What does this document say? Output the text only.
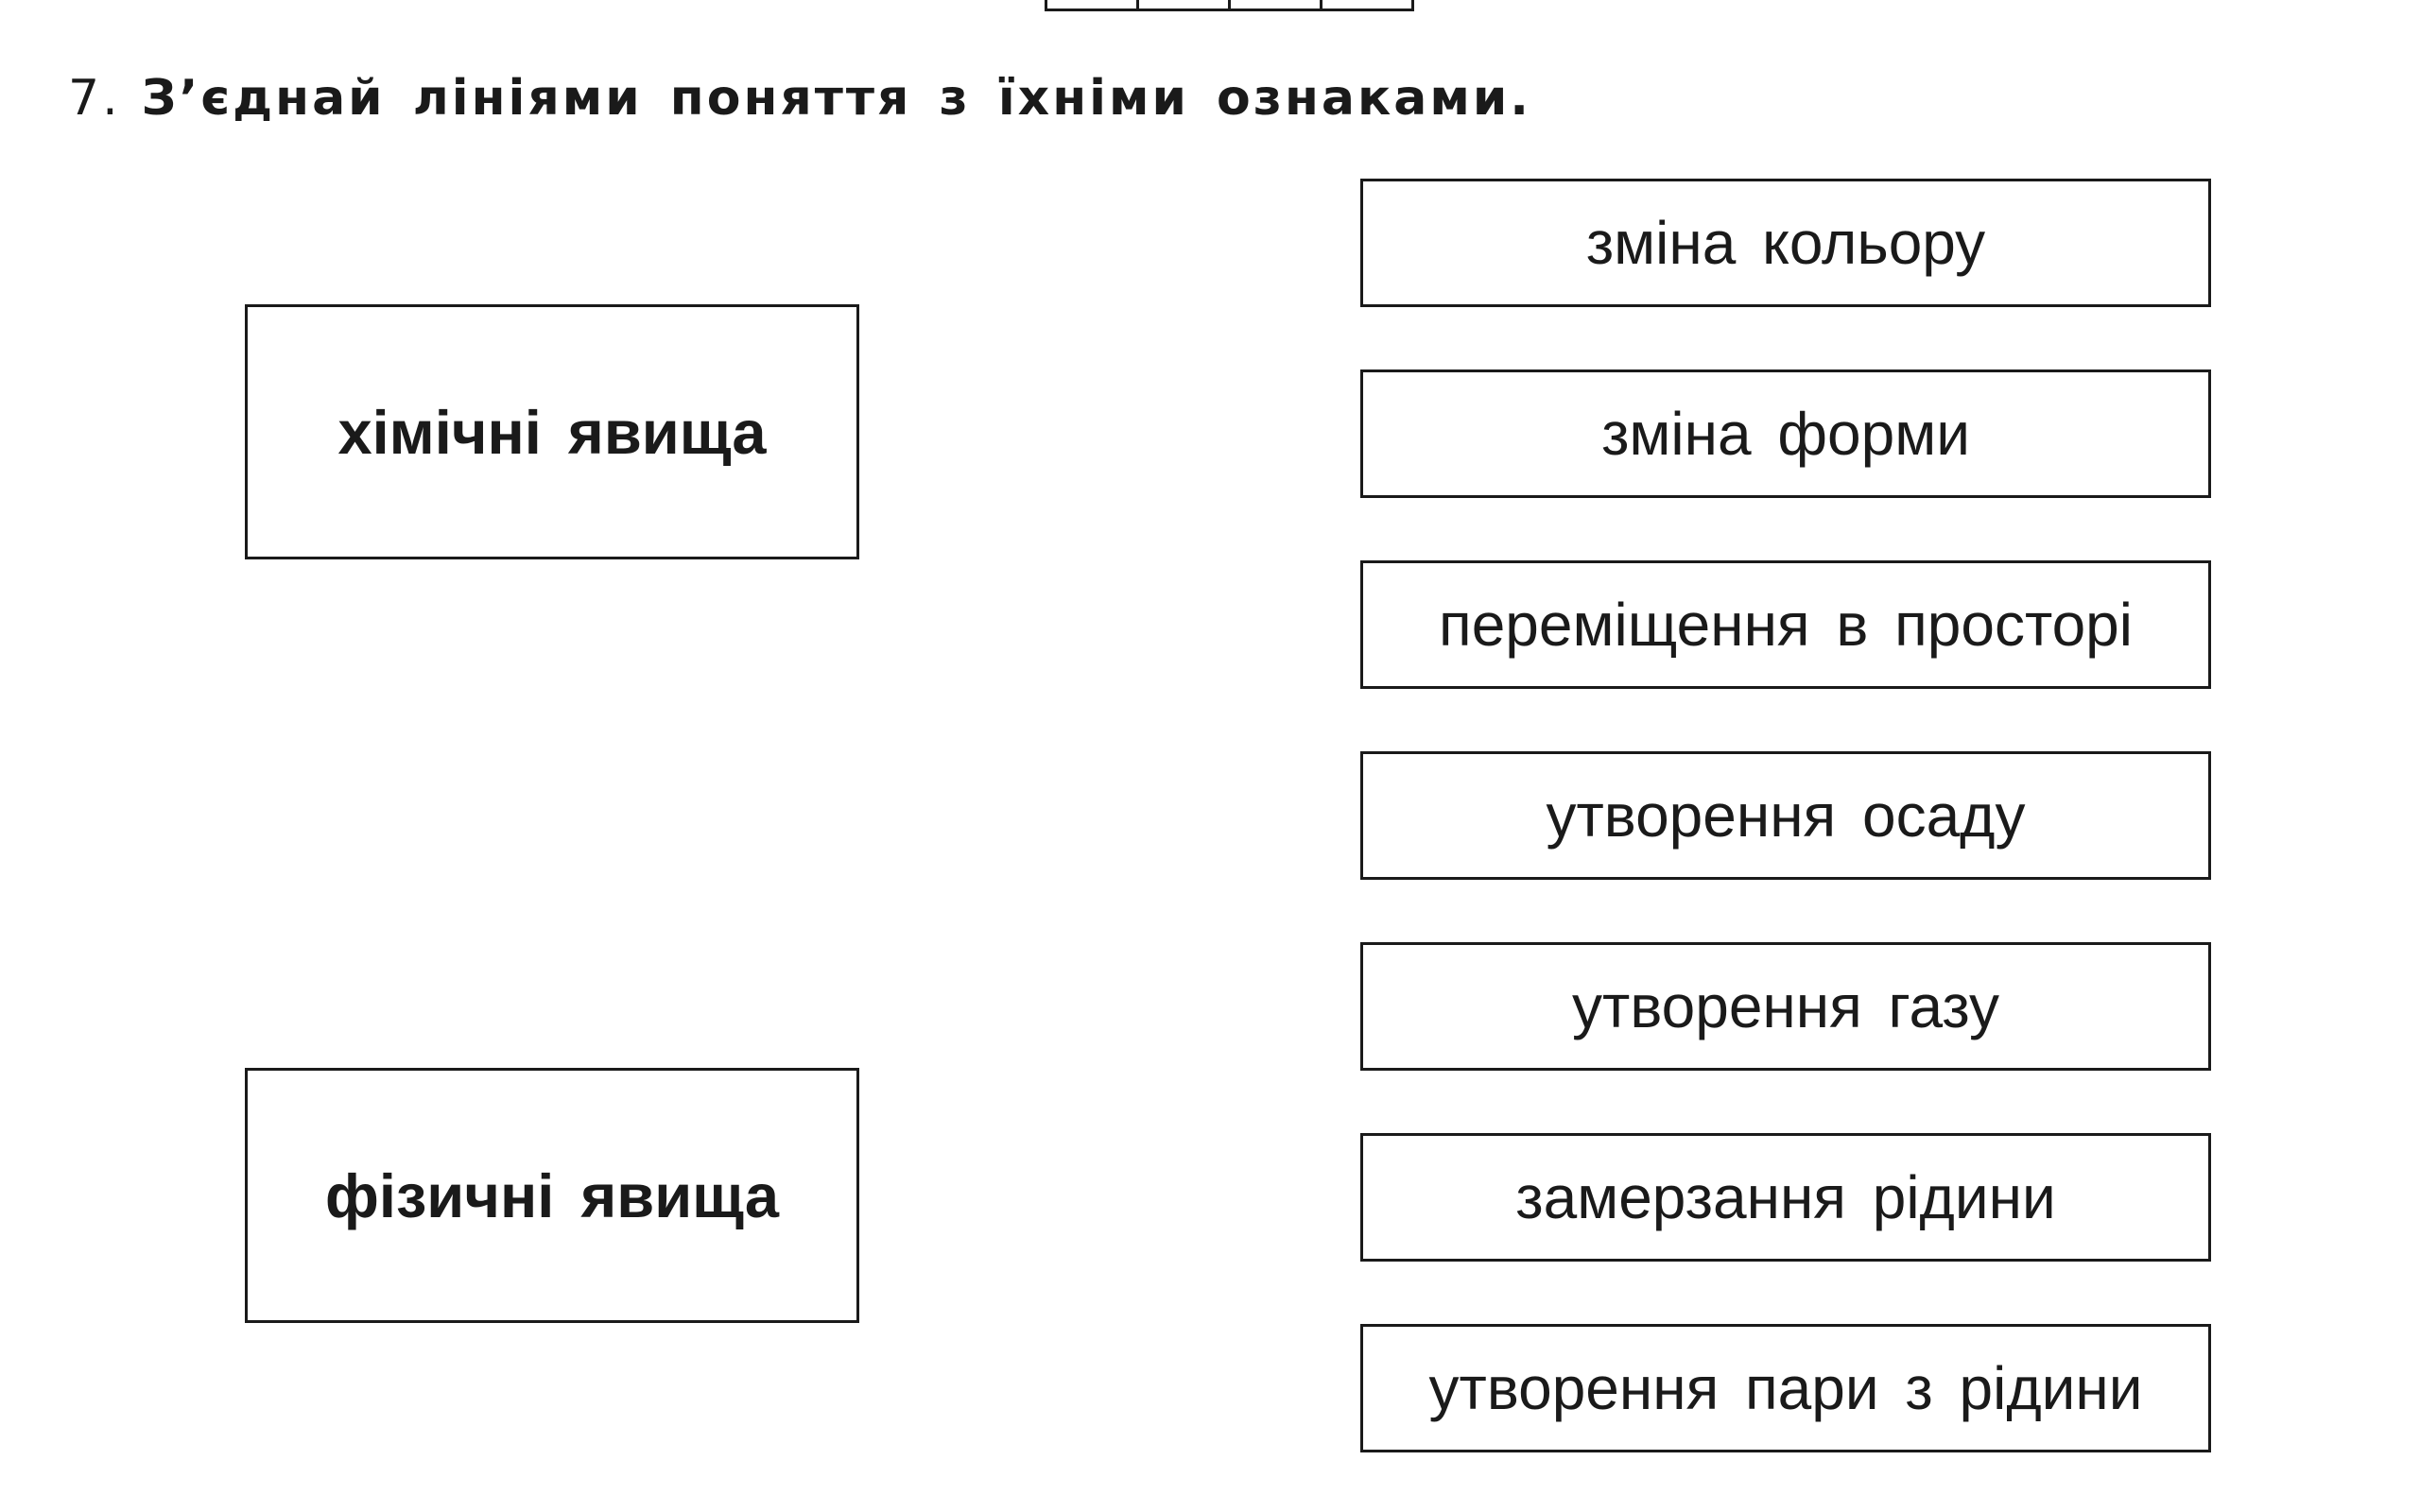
7. З’єднай лініями поняття з їхніми ознаками.
хімічні явища
фізичні явища
зміна кольору
зміна форми
переміщення в просторі
утворення осаду
утворення газу
замерзання рідини
утворення пари з рідини
